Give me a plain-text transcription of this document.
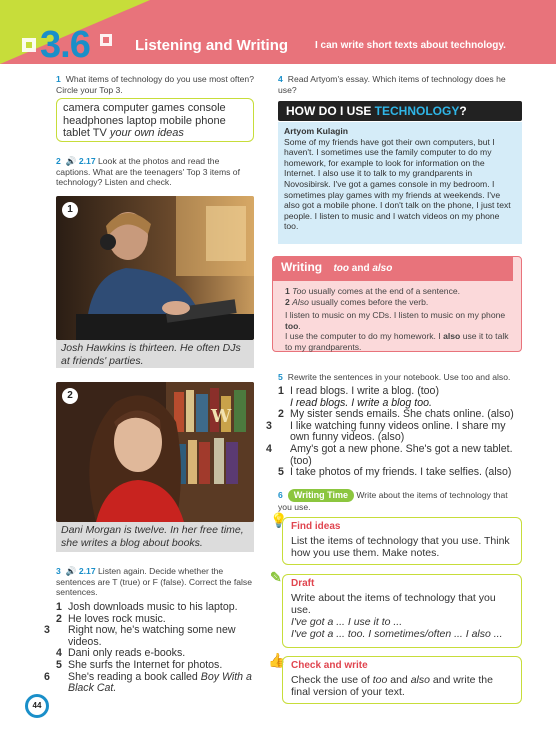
3.6	Listening and Writing	I can write short texts about technology.
1 What items of technology do you use most often? Circle your Top 3.
camera computer games console
headphones laptop mobile phone
tablet TV your own ideas
2 🔊 2.17 Look at the photos and read the captions. What are the teenagers' Top 3 items of technology? Listen and check.
1
Josh Hawkins is thirteen. He often DJs at friends' parties.
W
2
Dani Morgan is twelve. In her free time, she writes a blog about books.
3 🔊 2.17 Listen again. Decide whether the sentences are T (true) or F (false). Correct the false sentences.
1 Josh downloads music to his laptop.
2 He loves rock music.
3 Right now, he's watching some new videos.
4 Dani only reads e-books.
5 She surfs the Internet for photos.
6 She's reading a book called Boy With a Black Cat.
44
4 Read Artyom's essay. Which items of technology does he use?
HOW DO I USE TECHNOLOGY?
Artyom Kulagin
Some of my friends have got their own computers, but I haven't. I sometimes use the family computer to do my homework, for example to look for information on the Internet. I also use it to talk to my grandparents in Novosibirsk. I've got a games console in my bedroom. I sometimes play games with my friends at weekends. I've also got a mobile phone. I don't talk on the phone, I just text people. I listen to music and I watch videos on my phone too.
Writing too and also
1 Too usually comes at the end of a sentence.
2 Also usually comes before the verb.
I listen to music on my CDs. I listen to music on my phone too.
I use the computer to do my homework. I also use it to talk to my grandparents.
5 Rewrite the sentences in your notebook. Use too and also.
1 I read blogs. I write a blog. (too)
I read blogs. I write a blog too.
2 My sister sends emails. She chats online. (also)
3 I like watching funny videos online. I share my own funny videos. (also)
4 Amy's got a new phone. She's got a new tablet. (too)
5 I take photos of my friends. I take selfies. (also)
6 Writing Time Write about the items of technology that you use.
💡 Find ideas
List the items of technology that you use. Think how you use them. Make notes.
✎ Draft
Write about the items of technology that you use.
I've got a ... I use it to ...
I've got a ... too. I sometimes/often ... I also ...
👍 Check and write
Check the use of too and also and write the final version of your text.
